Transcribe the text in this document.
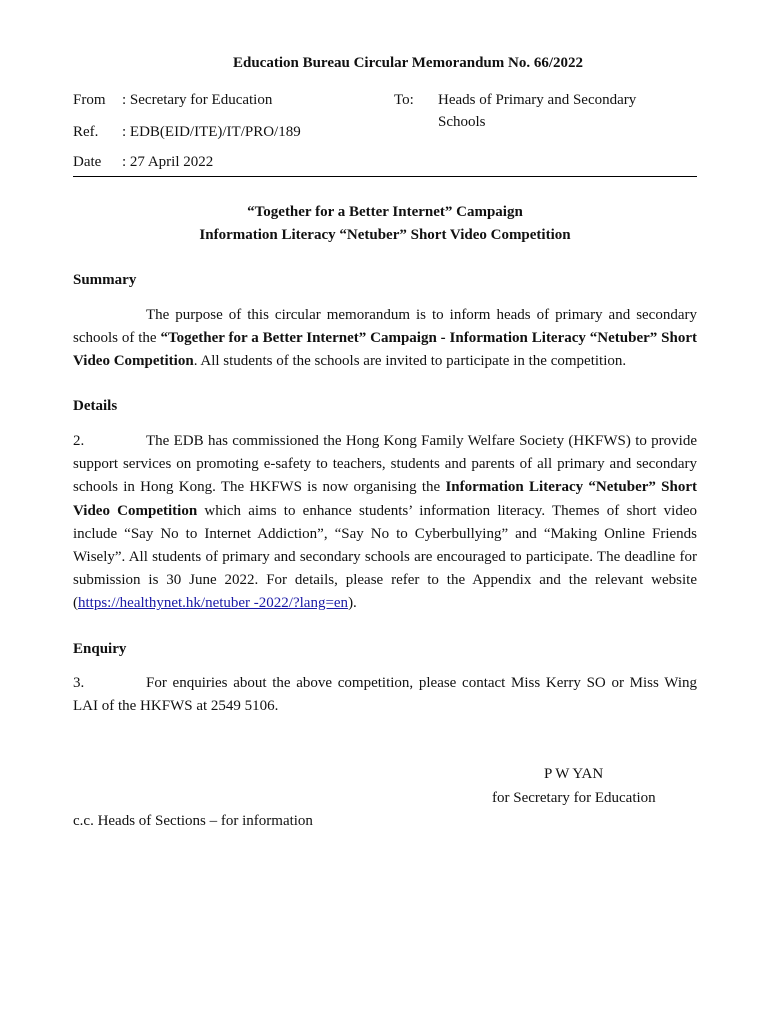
Education Bureau Circular Memorandum No. 66/2022
From : Secretary for Education	To: Heads of Primary and Secondary
Schools
Ref. : EDB(EID/ITE)/IT/PRO/189
Date : 27 April 2022
“Together for a Better Internet” Campaign
Information Literacy “Netuber” Short Video Competition
Summary
The purpose of this circular memorandum is to inform heads of primary and secondary schools of the “Together for a Better Internet” Campaign - Information Literacy “Netuber” Short Video Competition. All students of the schools are invited to participate in the competition.
Details
2.	The EDB has commissioned the Hong Kong Family Welfare Society (HKFWS) to provide support services on promoting e-safety to teachers, students and parents of all primary and secondary schools in Hong Kong. The HKFWS is now organising the Information Literacy “Netuber” Short Video Competition which aims to enhance students’ information literacy. Themes of short video include “Say No to Internet Addiction”, “Say No to Cyberbullying” and “Making Online Friends Wisely”. All students of primary and secondary schools are encouraged to participate. The deadline for submission is 30 June 2022. For details, please refer to the Appendix and the relevant website (https://healthynet.hk/netuber -2022/?lang=en).
Enquiry
3.	For enquiries about the above competition, please contact Miss Kerry SO or Miss Wing LAI of the HKFWS at 2549 5106.
P W YAN
for Secretary for Education
c.c. Heads of Sections – for information
